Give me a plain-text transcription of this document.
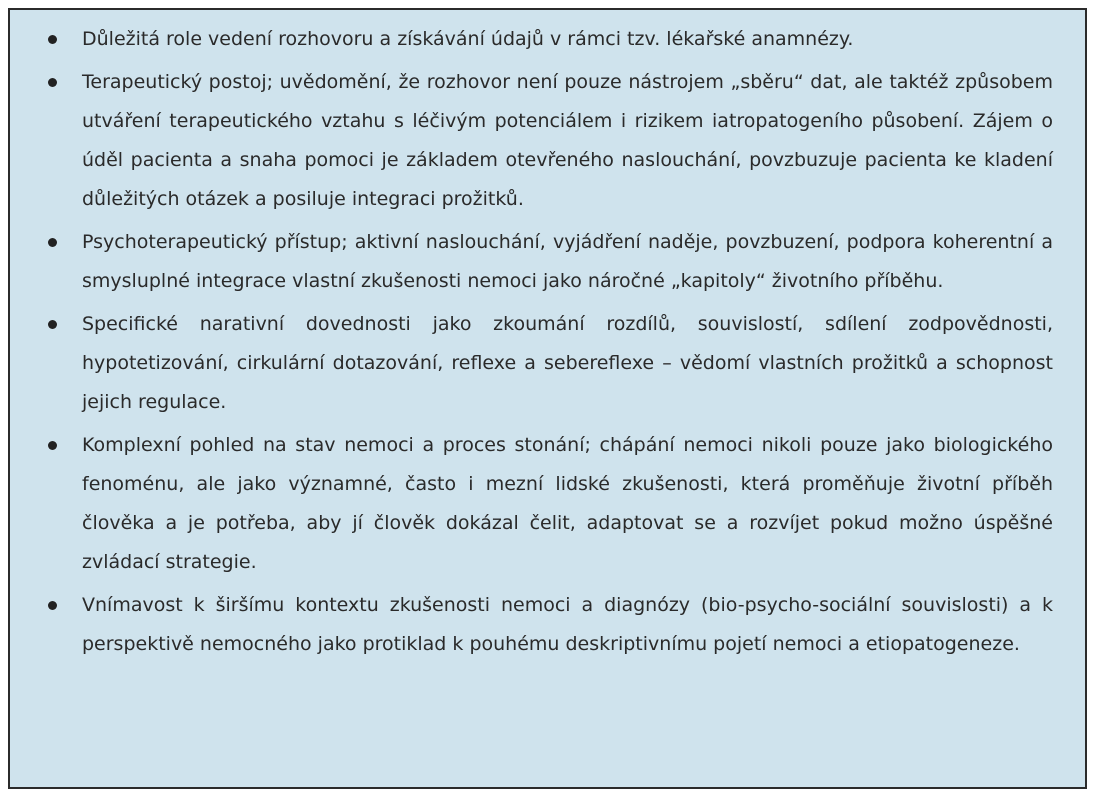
Důležitá role vedení rozhovoru a získávání údajů v rámci tzv. lékařské anamnézy.
Terapeutický postoj; uvědomění, že rozhovor není pouze nástrojem „sběru“ dat, ale taktéž způsobem utváření terapeutického vztahu s léčivým potenciálem i rizikem iatropatogeního působení. Zájem o úděl pacienta a snaha pomoci je základem otevřeného naslouchání, povzbuzuje pacienta ke kladení důležitých otázek a posiluje integraci prožitků.
Psychoterapeutický přístup; aktivní naslouchání, vyjádření naděje, povzbuzení, podpora koherentní a smysluplné integrace vlastní zkušenosti nemoci jako náročné „kapitoly“ životního příběhu.
Specifické narativní dovednosti jako zkoumání rozdílů, souvislostí, sdílení zodpovědnosti, hypotetizování, cirkulární dotazování, reflexe a sebereflexe – vědomí vlastních prožitků a schopnost jejich regulace.
Komplexní pohled na stav nemoci a proces stonání; chápání nemoci nikoli pouze jako biologického fenoménu, ale jako významné, často i mezní lidské zkušenosti, která proměňuje životní příběh člověka a je potřeba, aby jí člověk dokázal čelit, adaptovat se a rozvíjet pokud možno úspěšné zvládací strategie.
Vnímavost k širšímu kontextu zkušenosti nemoci a diagnózy (bio-psycho-sociální souvislosti) a k perspektivě nemocného jako protiklad k pouhému deskriptivnímu pojetí nemoci a etiopatogeneze.
